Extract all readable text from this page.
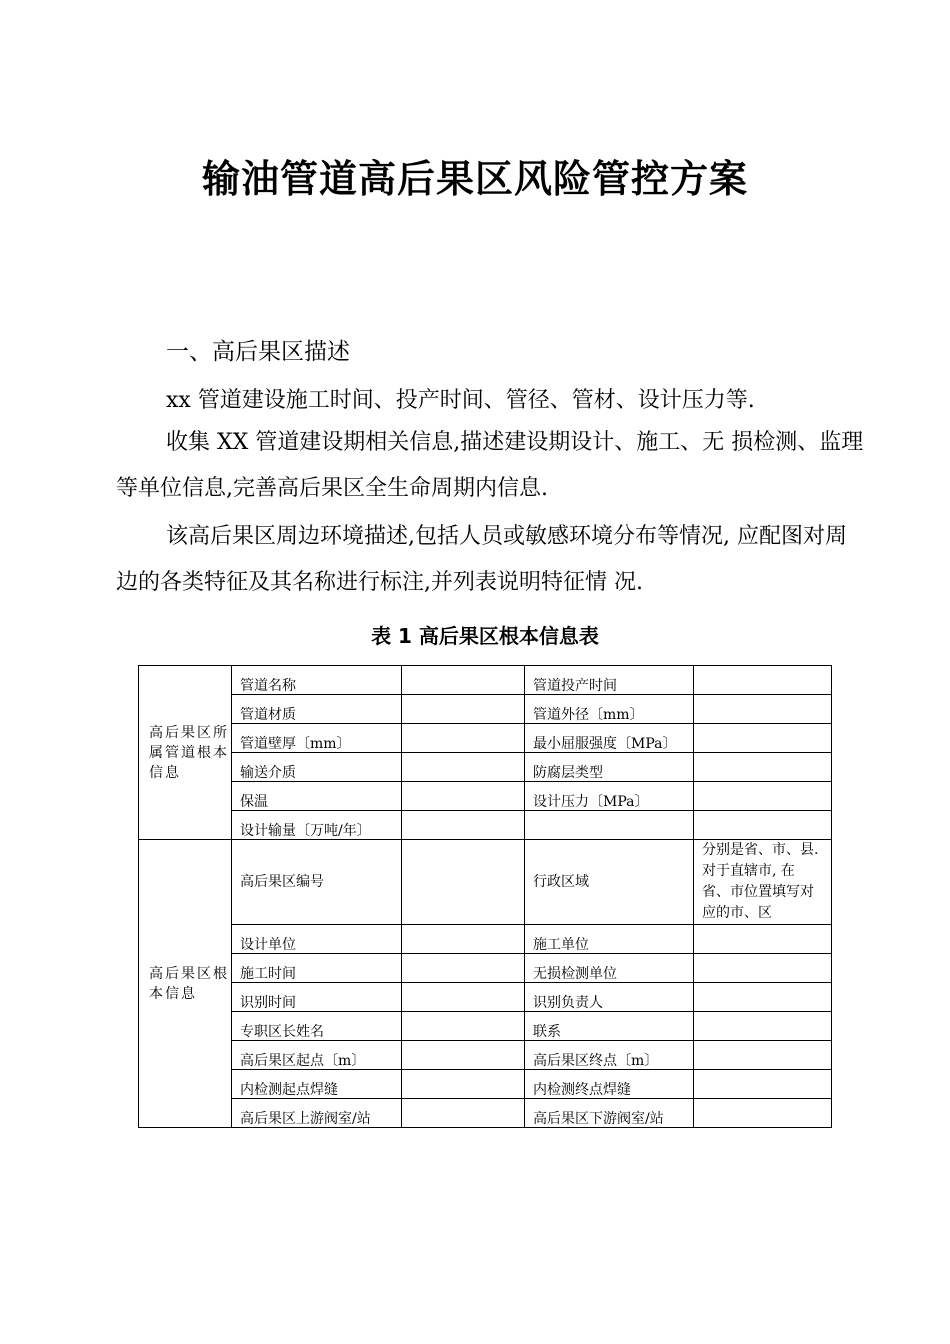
输油管道高后果区风险管控方案
一、高后果区描述

xx 管道建设施工时间、投产时间、管径、管材、设计压力等.

收集 XX 管道建设期相关信息,描述建设期设计、施工、无 损检测、监理等单位信息,完善高后果区全生命周期内信息.

该高后果区周边环境描述,包括人员或敏感环境分布等情况, 应配图对周边的各类特征及其名称进行标注,并列表说明特征情 况.

表 1 高后果区根本信息表
高后果区所属管道根本信息	管道名称		管道投产时间	
	管道材质		管道外径〔mm〕	
	管道壁厚〔mm〕		最小屈服强度〔MPa〕	
	输送介质		防腐层类型	
	保温		设计压力〔MPa〕	
	设计输量〔万吨/年〕			
高后果区根本信息	高后果区编号		行政区域	分别是省、市、县. 对于直辖市, 在 省、市位置填写对 应的市、区
	设计单位		施工单位	
	施工时间		无损检测单位	
	识别时间		识别负责人	
	专职区长姓名		联系	
	高后果区起点〔m〕		高后果区终点〔m〕	
	内检测起点焊缝		内检测终点焊缝	
	高后果区上游阀室/站		高后果区下游阀室/站	
